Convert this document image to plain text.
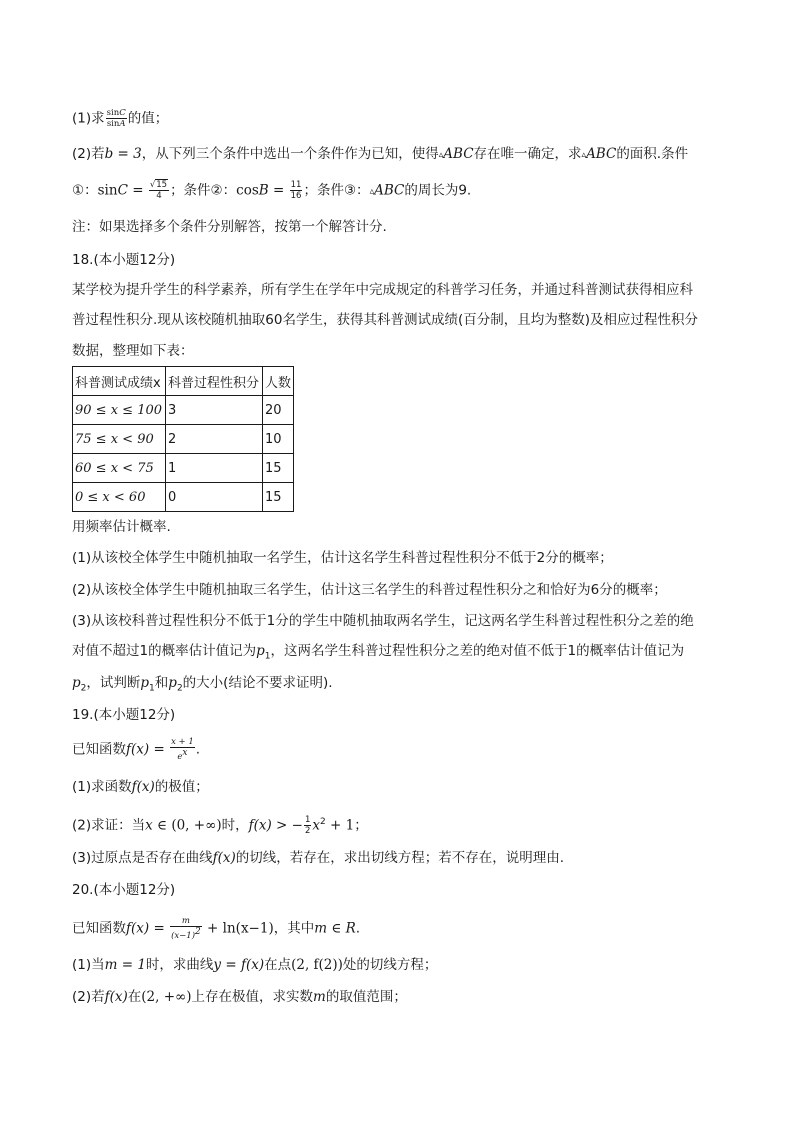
(1)求 $\frac{\sin C}{\sin A}$ 的值；
(2)若b = 3，从下列三个条件中选出一个条件作为已知，使得▵ABC存在唯一确定，求▵ABC的面积.条件
①：$\sin C = \frac{√15}{4}$ ；条件②：$\cos B = \frac{11}{16}$ ；条件③：▵ABC的周长为9.
注：如果选择多个条件分别解答，按第一个解答计分.
18.(本小题12分)
某学校为提升学生的科学素养，所有学生在学年中完成规定的科普学习任务，并通过科普测试获得相应科
普过程性积分.现从该校随机抽取60名学生，获得其科普测试成绩(百分制，且均为整数)及相应过程性积分
数据，整理如下表：
科普测试成绩x	科普过程性积分	人数
90 ≤ x ≤ 100	3	20
75 ≤ x < 90	2	10
60 ≤ x < 75	1	15
0 ≤ x < 60	0	15
用频率估计概率.
(1)从该校全体学生中随机抽取一名学生，估计这名学生科普过程性积分不低于2分的概率；
(2)从该校全体学生中随机抽取三名学生，估计这三名学生的科普过程性积分之和恰好为6分的概率；
(3)从该校科普过程性积分不低于1分的学生中随机抽取两名学生，记这两名学生科普过程性积分之差的绝
对值不超过1的概率估计值记为$p_1$，这两名学生科普过程性积分之差的绝对值不低于1的概率估计值记为
$p_2$，试判断$p_1$和$p_2$的大小(结论不要求证明).
19.(本小题12分)
已知函数$f(x) = \frac{x + 1}{e^x}$ .
(1)求函数f(x)的极值；
(2)求证：当x ∈ (0, +∞)时，f(x) > − $\frac{1}{2} x^2 + 1$；
(3)过原点是否存在曲线f(x)的切线，若存在，求出切线方程；若不存在，说明理由.
20.(本小题12分)
已知函数$f(x) = \frac{m}{(x-1)^2} + \ln(x-1)$，其中m ∈ R.
(1)当m = 1时，求曲线y = f(x)在点(2, f(2))处的切线方程；
(2)若f(x)在(2, +∞)上存在极值，求实数m的取值范围；
